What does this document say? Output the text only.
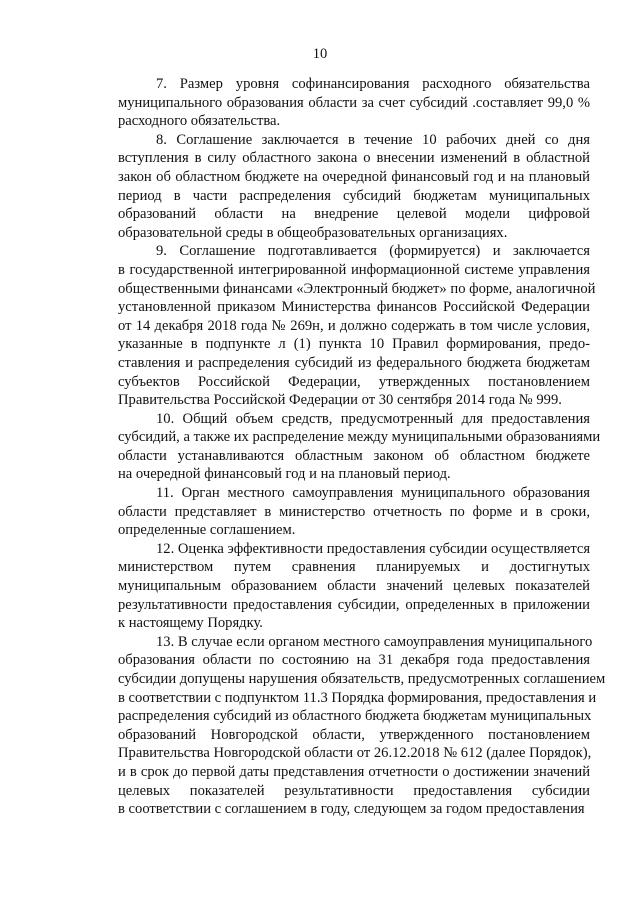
10
7. Размер уровня софинансирования расходного обязательства
муниципального образования области за счет субсидий .составляет 99,0 %
расходного обязательства.
8. Соглашение заключается в течение 10 рабочих дней со дня
вступления в силу областного закона о внесении изменений в областной
закон об областном бюджете на очередной финансовый год и на плановый
период в части распределения субсидий бюджетам муниципальных
образований области на внедрение целевой модели цифровой
образовательной среды в общеобразовательных организациях.
9. Соглашение подготавливается (формируется) и заключается
в государственной интегрированной информационной системе управления
общественными финансами «Электронный бюджет» по форме, аналогичной
установленной приказом Министерства финансов Российской Федерации
от 14 декабря 2018 года № 269н, и должно содержать в том числе условия,
указанные в подпункте л (1) пункта 10 Правил формирования, предо-
ставления и распределения субсидий из федерального бюджета бюджетам
субъектов Российской Федерации, утвержденных постановлением
Правительства Российской Федерации от 30 сентября 2014 года № 999.
10. Общий объем средств, предусмотренный для предоставления
субсидий, а также их распределение между муниципальными образованиями
области устанавливаются областным законом об областном бюджете
на очередной финансовый год и на плановый период.
11. Орган местного самоуправления муниципального образования
области представляет в министерство отчетность по форме и в сроки,
определенные соглашением.
12. Оценка эффективности предоставления субсидии осуществляется
министерством путем сравнения планируемых и достигнутых
муниципальным образованием области значений целевых показателей
результативности предоставления субсидии, определенных в приложении
к настоящему Порядку.
13. В случае если органом местного самоуправления муниципального
образования области по состоянию на 31 декабря года предоставления
субсидии допущены нарушения обязательств, предусмотренных соглашением
в соответствии с подпунктом 11.3 Порядка формирования, предоставления и
распределения субсидий из областного бюджета бюджетам муниципальных
образований Новгородской области, утвержденного постановлением
Правительства Новгородской области от 26.12.2018 № 612 (далее Порядок),
и в срок до первой даты представления отчетности о достижении значений
целевых показателей результативности предоставления субсидии
в соответствии с соглашением в году, следующем за годом предоставления
